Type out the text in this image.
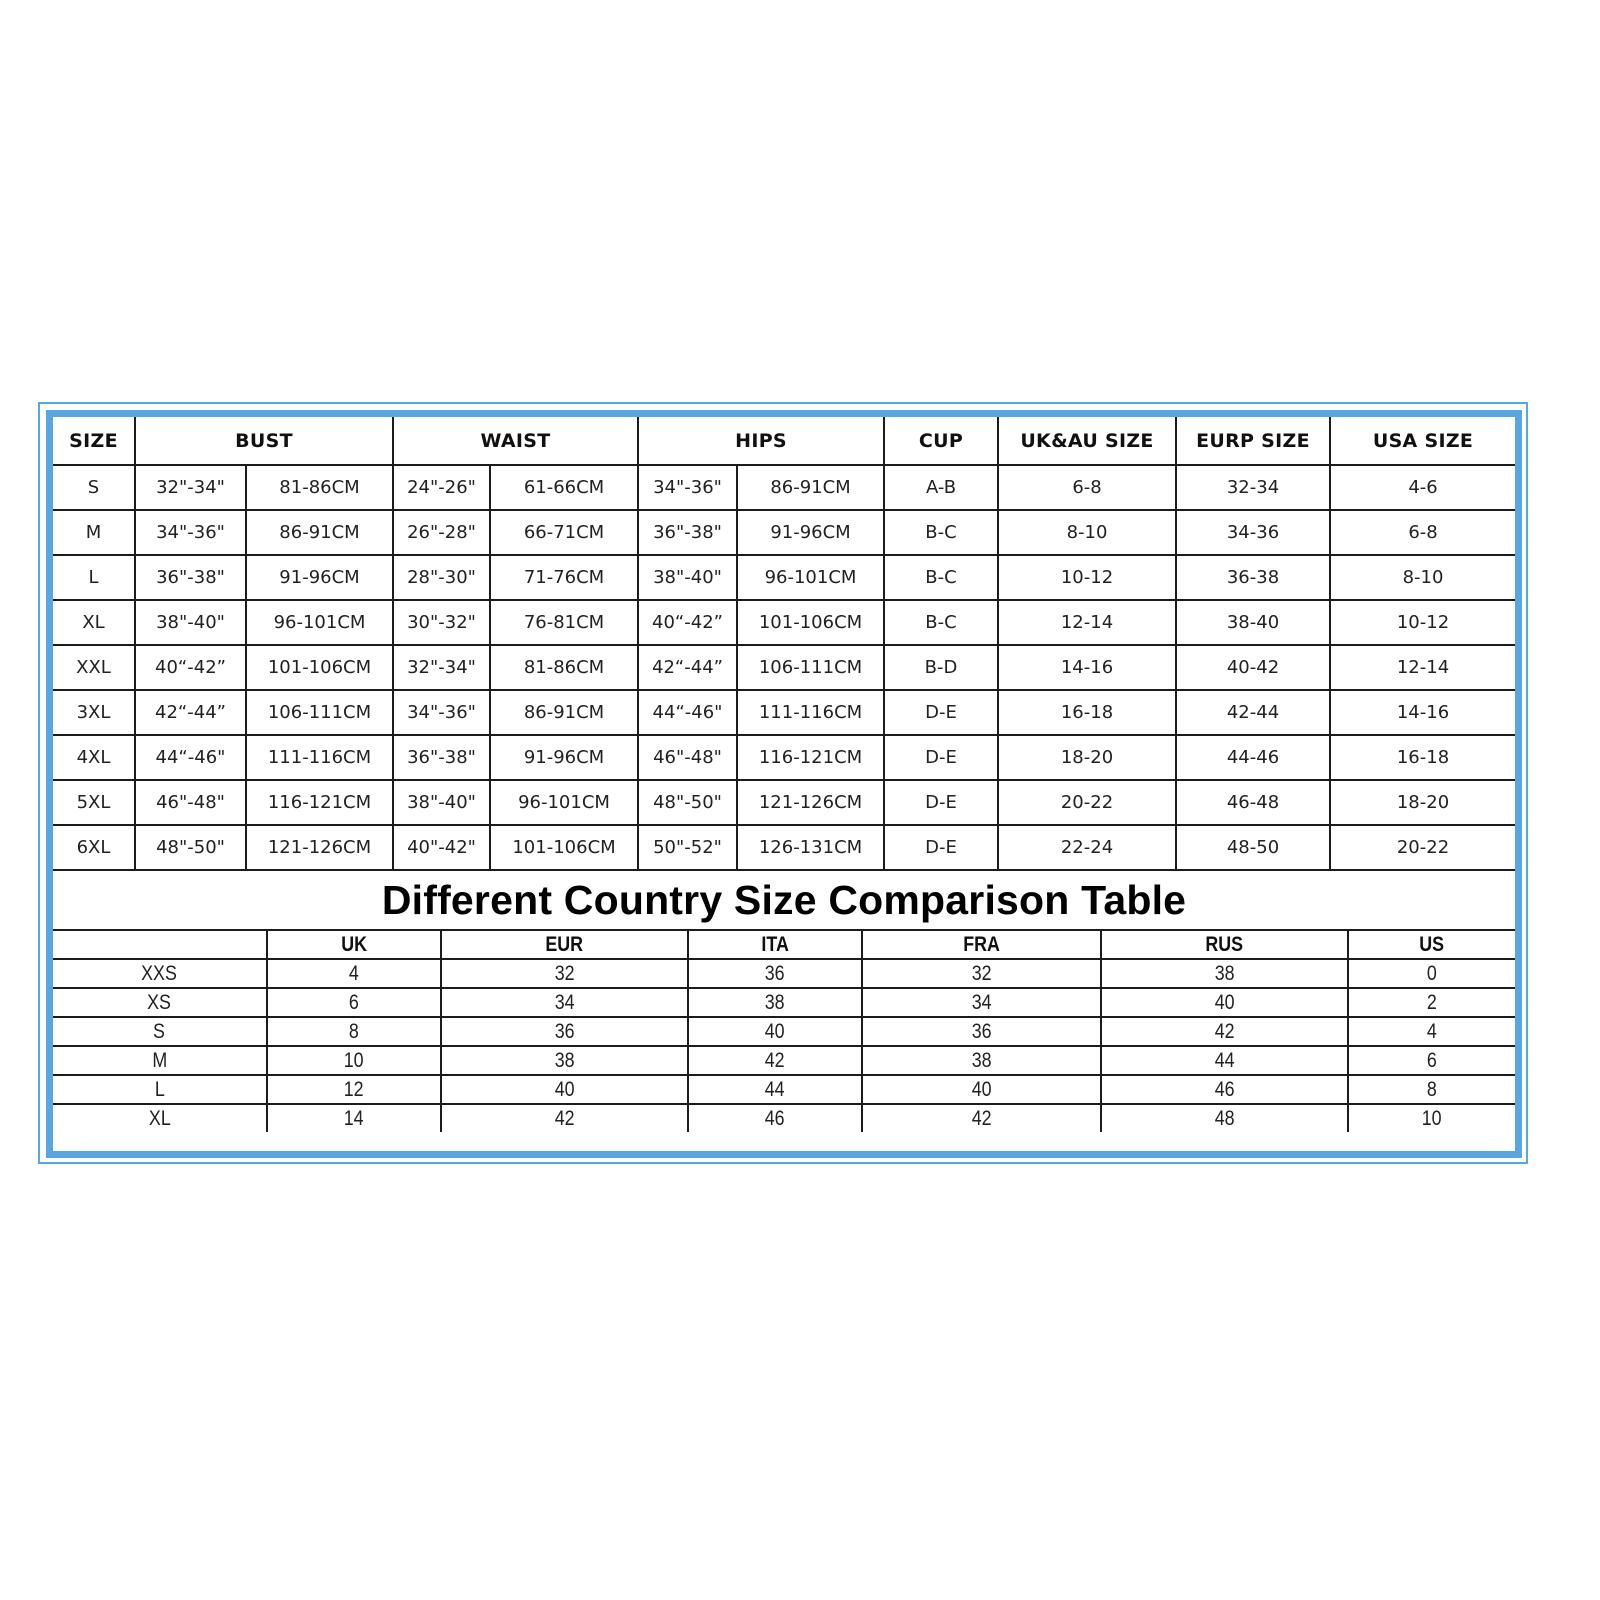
SIZE	BUST		WAIST		HIPS		CUP	UK&AU SIZE	EURP SIZE	USA SIZE
S	32"-34"	81-86CM	24"-26"	61-66CM	34"-36"	86-91CM	A-B	6-8	32-34	4-6
M	34"-36"	86-91CM	26"-28"	66-71CM	36"-38"	91-96CM	B-C	8-10	34-36	6-8
L	36"-38"	91-96CM	28"-30"	71-76CM	38"-40"	96-101CM	B-C	10-12	36-38	8-10
XL	38"-40"	96-101CM	30"-32"	76-81CM	40“-42”	101-106CM	B-C	12-14	38-40	10-12
XXL	40“-42”	101-106CM	32"-34"	81-86CM	42“-44”	106-111CM	B-D	14-16	40-42	12-14
3XL	42“-44”	106-111CM	34"-36"	86-91CM	44“-46"	111-116CM	D-E	16-18	42-44	14-16
4XL	44“-46"	111-116CM	36"-38"	91-96CM	46"-48"	116-121CM	D-E	18-20	44-46	16-18
5XL	46"-48"	116-121CM	38"-40"	96-101CM	48"-50"	121-126CM	D-E	20-22	46-48	18-20
6XL	48"-50"	121-126CM	40"-42"	101-106CM	50"-52"	126-131CM	D-E	22-24	48-50	20-22
Different Country Size Comparison Table
	UK	EUR	ITA	FRA	RUS	US
XXS	4	32	36	32	38	0
XS	6	34	38	34	40	2
S	8	36	40	36	42	4
M	10	38	42	38	44	6
L	12	40	44	40	46	8
XL	14	42	46	42	48	10
